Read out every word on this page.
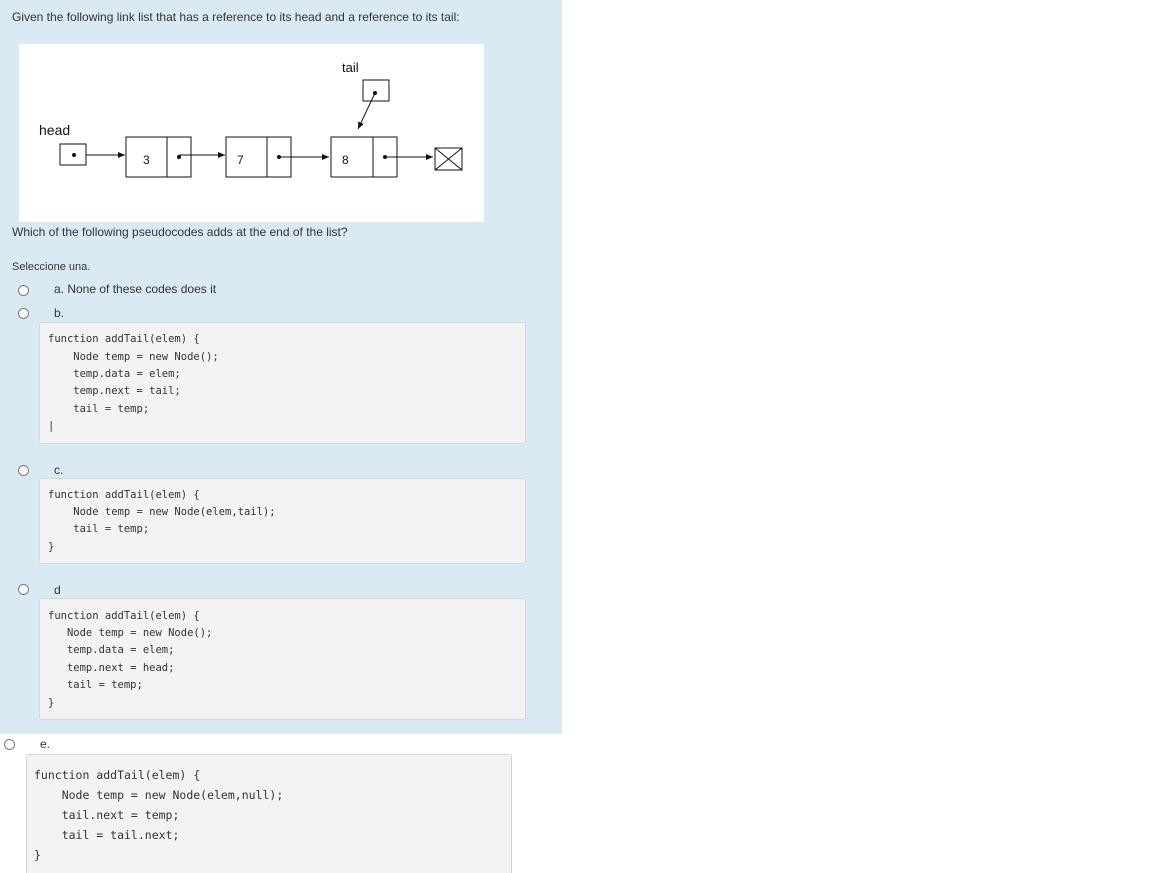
Given the following link list that has a reference to its head and a reference to its tail:
tail
head
3	7	8
Which of the following pseudocodes adds at the end of the list?
Seleccione una.
a. None of these codes does it
b.
function addTail(elem) {
Node temp = new Node();
temp.data = elem;
temp.next = tail;
tail = temp;
|
c.
function addTail(elem) {
Node temp = new Node(elem,tail);
tail = temp;
}
d
function addTail(elem) {
Node temp = new Node();
temp.data = elem;
temp.next = head;
tail = temp;
}
e.
function addTail(elem) {
Node temp = new Node(elem,null);
tail.next = temp;
tail = tail.next;
}
